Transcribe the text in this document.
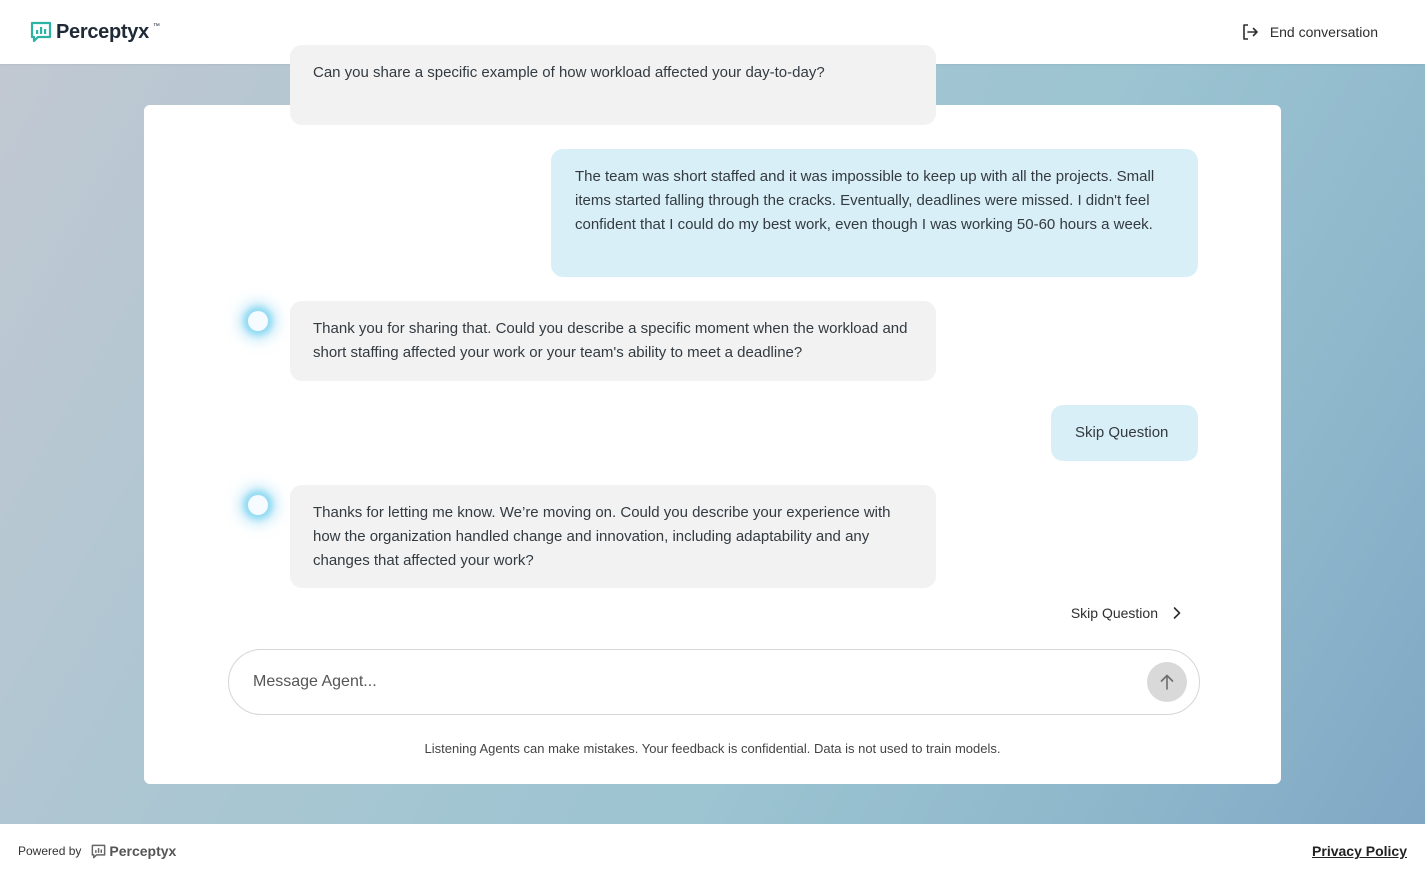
Perceptyx ™	End conversation
Can you share a specific example of how workload affected your day-to-day?
The team was short staffed and it was impossible to keep up with all the projects. Small items started falling through the cracks. Eventually, deadlines were missed. I didn't feel confident that I could do my best work, even though I was working 50-60 hours a week.
Thank you for sharing that. Could you describe a specific moment when the workload and short staffing affected your work or your team's ability to meet a deadline?
Skip Question
Thanks for letting me know. We’re moving on. Could you describe your experience with how the organization handled change and innovation, including adaptability and any changes that affected your work?
Skip Question
Message Agent...
Listening Agents can make mistakes. Your feedback is confidential. Data is not used to train models.
Powered by Perceptyx	Privacy Policy
